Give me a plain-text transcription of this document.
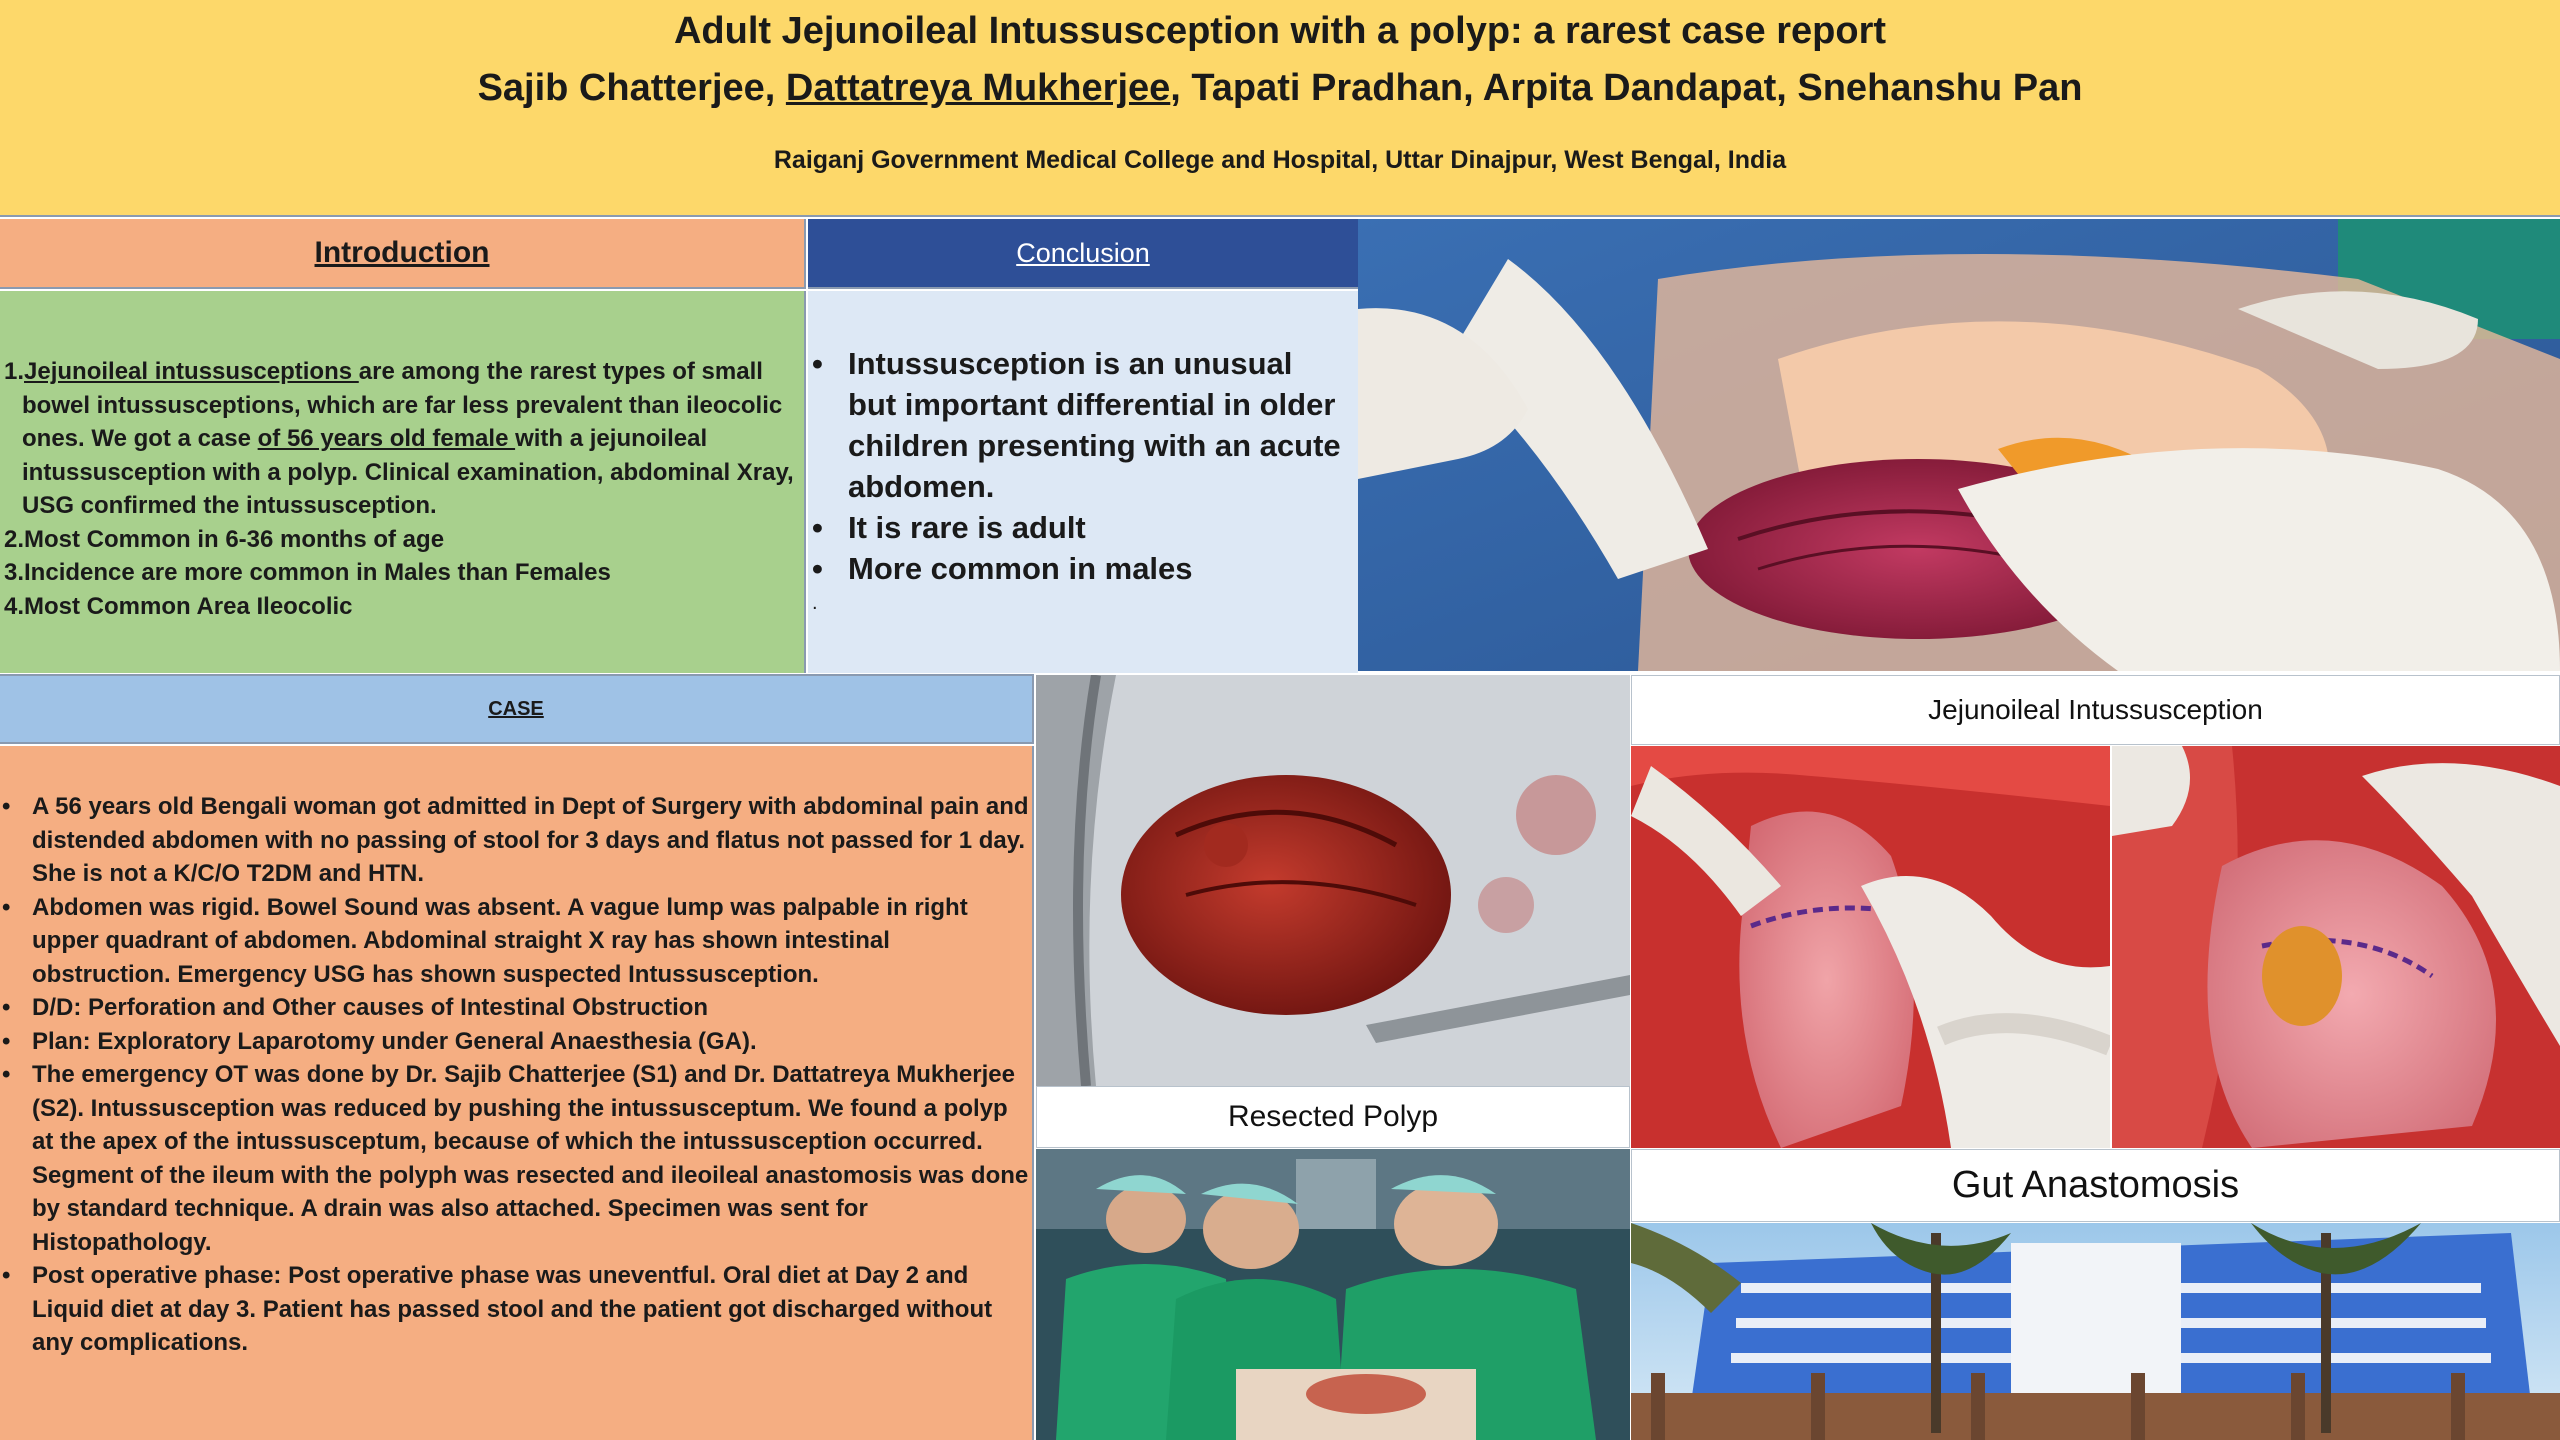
Adult Jejunoileal Intussusception with a polyp: a rarest case report
Sajib Chatterjee, Dattatreya Mukherjee, Tapati Pradhan, Arpita Dandapat, Snehanshu Pan
Raiganj Government Medical College and Hospital, Uttar Dinajpur, West Bengal, India
Introduction
1.Jejunoileal intussusceptions are among the rarest types of small bowel intussusceptions, which are far less prevalent than ileocolic ones. We got a case of 56 years old female with a jejunoileal intussusception with a polyp. Clinical examination, abdominal Xray, USG confirmed the intussusception.
2.Most Common in 6-36 months of age
3.Incidence are more common in Males than Females
4.Most Common Area Ileocolic
Conclusion
• Intussusception is an unusual but important differential in older children presenting with an acute abdomen.
• It is rare is adult
• More common in males
.
CASE
• A 56 years old Bengali woman got admitted in Dept of Surgery with abdominal pain and distended abdomen with no passing of stool for 3 days and flatus not passed for 1 day. She is not a K/C/O T2DM and HTN.
• Abdomen was rigid. Bowel Sound was absent. A vague lump was palpable in right upper quadrant of abdomen. Abdominal straight X ray has shown intestinal obstruction. Emergency USG has shown suspected Intussusception.
• D/D: Perforation and Other causes of Intestinal Obstruction
• Plan: Exploratory Laparotomy under General Anaesthesia (GA).
• The emergency OT was done by Dr. Sajib Chatterjee (S1) and Dr. Dattatreya Mukherjee (S2). Intussusception was reduced by pushing the intussusceptum. We found a polyp at the apex of the intussusceptum, because of which the intussusception occurred. Segment of the ileum with the polyph was resected and ileoileal anastomosis was done by standard technique. A drain was also attached. Specimen was sent for Histopathology.
• Post operative phase: Post operative phase was uneventful. Oral diet at Day 2 and Liquid diet at day 3. Patient has passed stool and the patient got discharged without any complications.
Resected Polyp
Jejunoileal Intussusception
Gut Anastomosis
